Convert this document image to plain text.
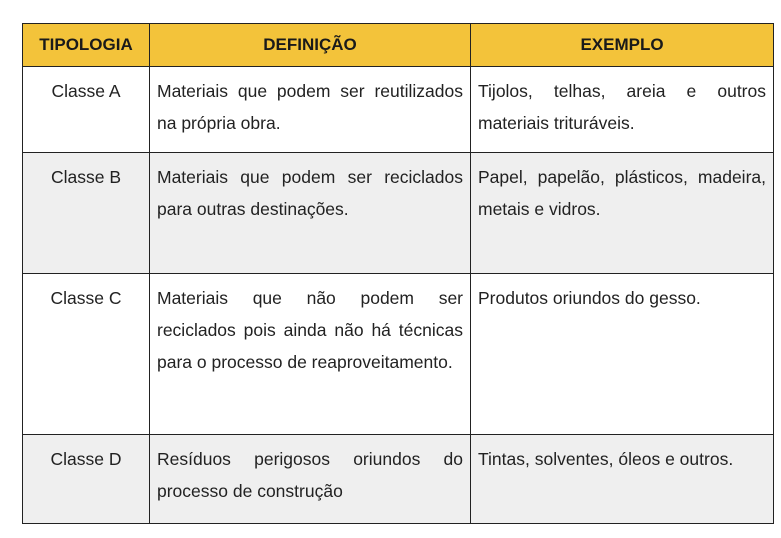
TIPOLOGIA	DEFINIÇÃO	EXEMPLO
Classe A	Materiais que podem ser reutilizados na própria obra.	Tijolos, telhas, areia e outros materiais trituráveis.
Classe B	Materiais que podem ser reciclados para outras destinações.	Papel, papelão, plásticos, madeira, metais e vidros.
Classe C	Materiais que não podem ser reciclados pois ainda não há técnicas para o processo de reaproveitamento.	Produtos oriundos do gesso.
Classe D	Resíduos perigosos oriundos do processo de construção	Tintas, solventes, óleos e outros.
